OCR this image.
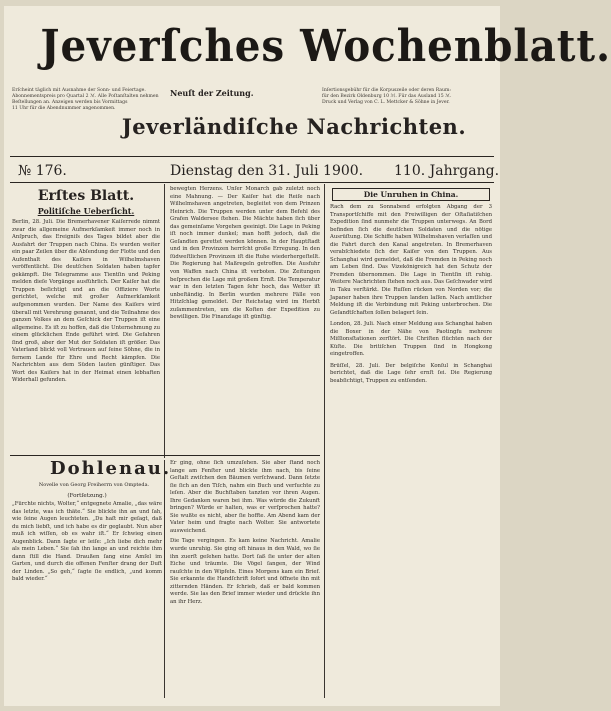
Jeverſches Wochenblatt.
Erſcheint täglich mit Ausnahme der Sonn- und Feiertage.
Abonnementspreis pro Quartal 2 ℳ. Alle Poſtanſtalten nehmen
Beſtellungen an. Anzeigen werden bis Vormittags
11 Uhr für die Abendnummer angenommen.
Neuſt der Zeitung.	Inſertionsgebühr für die Korpuszeile oder deren Raum:
für den Bezirk Oldenburg 10 ℳ. Für das Ausland 15 ℳ.
Druck und Verlag von C. L. Mettcker & Söhne in Jever.
Jeverländiſche Nachrichten.
№ 176.	Dienstag den 31. Juli 1900. 110. Jahrgang.
Erſtes Blatt.
Politiſche Ueberſicht.
Berlin, 28. Juli. Die Bremerhavener Kaiſerrede nimmt zwar die allgemeine Aufmerkſamkeit immer noch in Anſpruch, das Ereigniſs des Tages bildet aber die Ausfahrt der Truppen nach China. Es wurden weiter ein paar Zeilen über die Abſendung der Flotte und den Aufenthalt des Kaiſers in Wilhelmshaven veröffentlicht. Die deutſchen Soldaten haben tapfer gekämpft. Die Telegramme aus Tientſin und Peking melden dieſe Vorgänge ausführlich. Der Kaiſer hat die Truppen beſichtigt und an die Offiziere Worte gerichtet, welche mit großer Aufmerkſamkeit aufgenommen wurden. Der Name des Kaiſers wird überall mit Verehrung genannt, und die Teilnahme des ganzen Volkes an dem Geſchick der Truppen iſt eine allgemeine. Es iſt zu hoffen, daß die Unternehmung zu einem glücklichen Ende geführt wird. Die Gefahren ſind groß, aber der Mut der Soldaten iſt größer. Das Vaterland blickt voll Vertrauen auf ſeine Söhne, die in fernem Lande für Ehre und Recht kämpfen. Die Nachrichten aus dem Süden lauten günſtiger. Das Wort des Kaiſers hat in der Heimat einen lebhaften Widerhall gefunden.
bewegten Herzens. Unſer Monarch gab zuletzt noch eine Mahnung. — Der Kaiſer hat die Reiſe nach Wilhelmshaven angetreten, begleitet von dem Prinzen Heinrich. Die Truppen werden unter dem Befehl des Grafen Waldersee ſtehen. Die Mächte haben ſich über das gemeinſame Vorgehen geeinigt. Die Lage in Peking iſt noch immer dunkel; man hofft jedoch, daß die Geſandten gerettet werden können. In der Hauptſtadt und in den Provinzen herrſcht große Erregung. In den ſüdweſtlichen Provinzen iſt die Ruhe wiederhergeſtellt. Die Regierung hat Maßregeln getroffen. Die Ausfuhr von Waffen nach China iſt verboten. Die Zeitungen beſprechen die Lage mit großem Ernſt. Die Temperatur war in den letzten Tagen ſehr hoch, das Wetter iſt unbeſtändig. In Berlin wurden mehrere Fälle von Hitzſchlag gemeldet. Der Reichstag wird im Herbſt zuſammentreten, um die Koſten der Expedition zu bewilligen. Die Finanzlage iſt günſtig.
Die Unruhen in China.
Rach dem zu Sonnabend erfolgten Abgang der 3 Transportſchiffe mit den Freiwilligen der Oſtaſiatiſchen Expedition ſind nunmehr die Truppen unterwegs. An Bord befinden ſich die deutſchen Soldaten und die nötige Ausrüſtung. Die Schiffe haben Wilhelmshaven verlaſſen und die Fahrt durch den Kanal angetreten. In Bremerhaven verabſchiedete ſich der Kaiſer von den Truppen. Aus Schanghai wird gemeldet, daß die Fremden in Peking noch am Leben ſind. Das Vizekönigreich hat den Schutz der Fremden übernommen. Die Lage in Tientſin iſt ruhig. Weitere Nachrichten ſtehen noch aus. Das Geſchwader wird in Taku verſtärkt. Die Ruſſen rücken von Norden vor; die Japaner haben ihre Truppen landen laſſen. Nach amtlicher Meldung iſt die Verbindung mit Peking unterbrochen. Die Geſandtſchaften ſollen belagert ſein.
London, 28. Juli. Nach einer Meldung aus Schanghai haben die Boxer in der Nähe von Paotingfu mehrere Miſſionsſtationen zerſtört. Die Chriſten flüchten nach der Küſte. Die britiſchen Truppen ſind in Hongkong eingetroffen.
Brüſſel, 28. Juli. Der belgiſche Konſul in Schanghai berichtet, daß die Lage ſehr ernſt ſei. Die Regierung beabſichtigt, Truppen zu entſenden.
Dohlenau.
Novelle von Georg Freiherrn von Ompteda.
(Fortſetzung.)
„Fürchte nichts, Wolter,“ entgegnete Amalie, „das wäre das letzte, was ich thäte.“ Sie blickte ihn an und ſah, wie ſeine Augen leuchteten. „Du haſt mir geſagt, daß du mich liebſt, und ich habe es dir geglaubt. Nun aber muß ich wiſſen, ob es wahr iſt.“ Er ſchwieg einen Augenblick. Dann ſagte er leiſe: „Ich liebe dich mehr als mein Leben.“ Sie ſah ihn lange an und reichte ihm dann ſtill die Hand. Draußen ſang eine Amſel im Garten, und durch die offenen Fenſter drang der Duft der Linden. „So geh,“ ſagte ſie endlich, „und komm bald wieder.“
Er ging, ohne ſich umzuſehen. Sie aber ſtand noch lange am Fenſter und blickte ihm nach, bis ſeine Geſtalt zwiſchen den Bäumen verſchwand. Dann ſetzte ſie ſich an den Tiſch, nahm ein Buch und verſuchte zu leſen. Aber die Buchſtaben tanzten vor ihren Augen. Ihre Gedanken waren bei ihm. Was würde die Zukunft bringen? Würde er halten, was er verſprochen hatte? Sie wußte es nicht, aber ſie hoffte. Am Abend kam der Vater heim und fragte nach Wolter. Sie antwortete ausweichend.
Die Tage vergingen. Es kam keine Nachricht. Amalie wurde unruhig. Sie ging oft hinaus in den Wald, wo ſie ihn zuerſt geſehen hatte. Dort ſaß ſie unter der alten Eiche und träumte. Die Vögel ſangen, der Wind rauſchte in den Wipfeln. Eines Morgens kam ein Brief. Sie erkannte die Handſchrift ſofort und öffnete ihn mit zitternden Händen. Er ſchrieb, daß er bald kommen werde. Sie las den Brief immer wieder und drückte ihn an ihr Herz.
